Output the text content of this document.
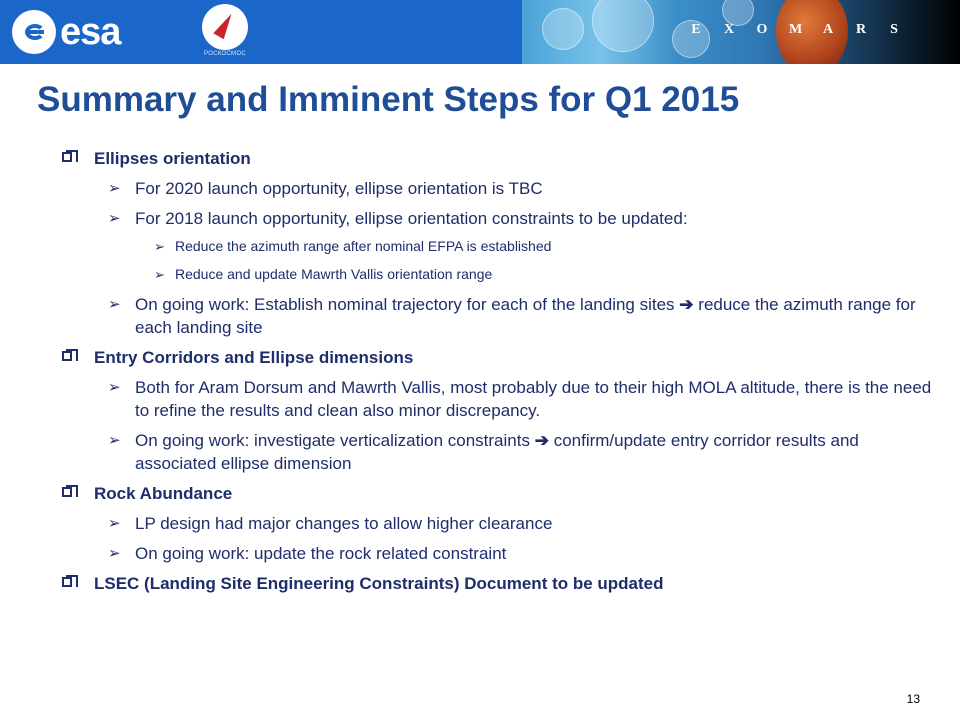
esa
РОСКОСМОС
E X O M A R S
Summary and Imminent Steps for Q1 2015
Ellipses orientation
➢ For 2020 launch opportunity, ellipse orientation is TBC
➢ For 2018 launch opportunity, ellipse orientation constraints to be updated:
➢ Reduce the azimuth range after nominal EFPA is established
➢ Reduce and update Mawrth Vallis orientation range
➢ On going work: Establish nominal trajectory for each of the landing sites ➔ reduce the azimuth range for each landing site
Entry Corridors and Ellipse dimensions
➢ Both for Aram Dorsum and Mawrth Vallis, most probably due to their high MOLA altitude, there is the need to refine the results and clean also minor discrepancy.
➢ On going work: investigate verticalization constraints ➔ confirm/update entry corridor results and associated ellipse dimension
Rock Abundance
➢ LP design had major changes to allow higher clearance
➢ On going work: update the rock related constraint
LSEC (Landing Site Engineering Constraints) Document to be updated
13
